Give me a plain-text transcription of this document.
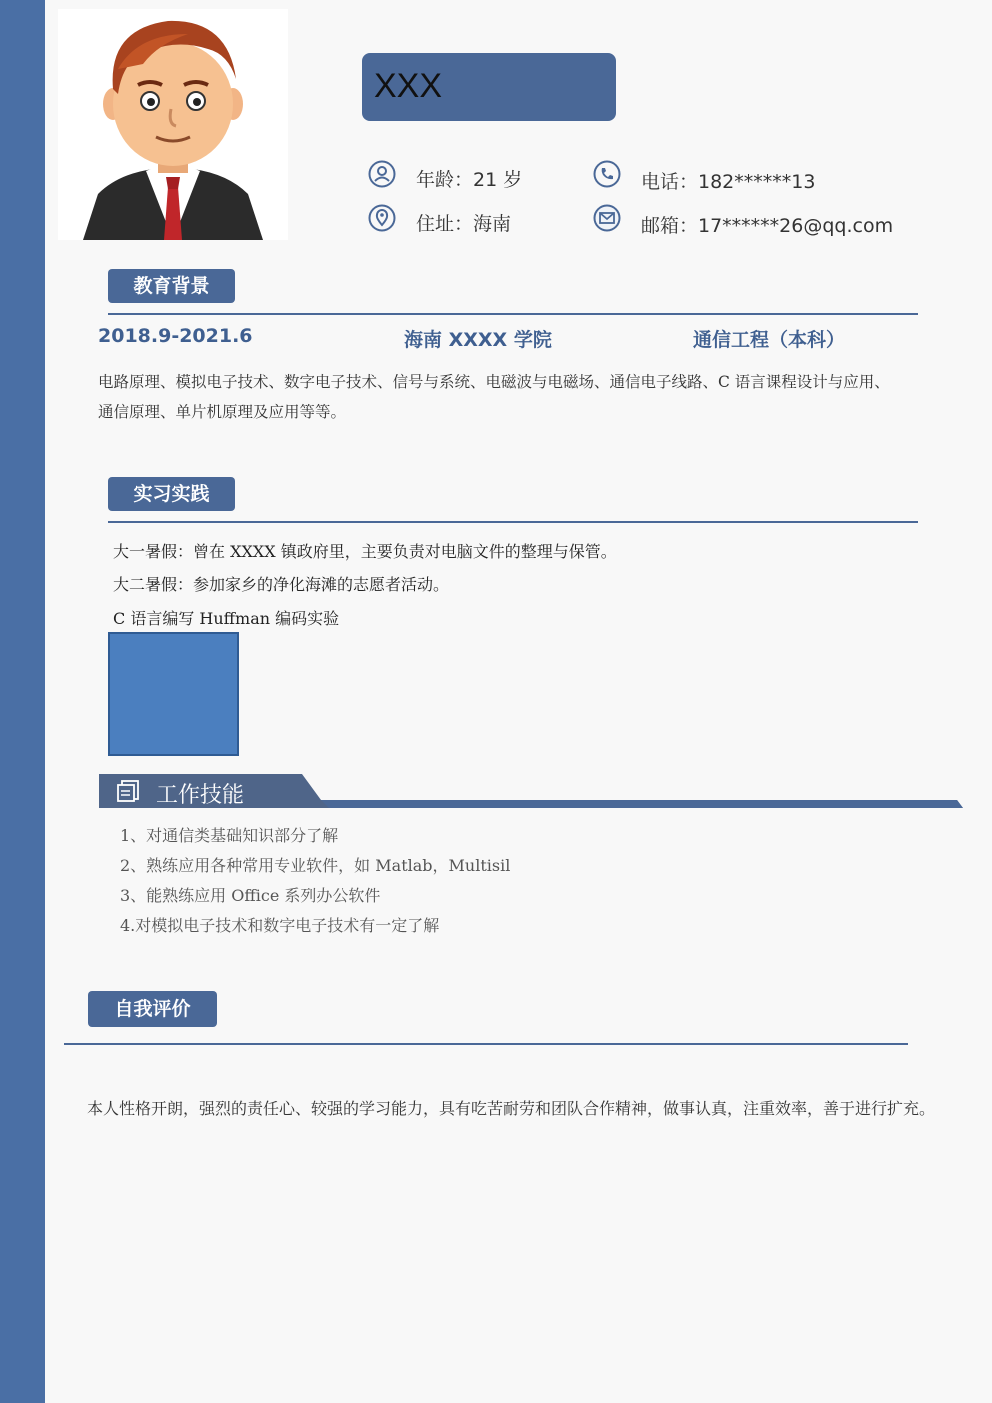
XXX
年龄：21 岁
住址：海南
电话：182******13
邮箱：17******26@qq.com
教育背景
2018.9-2021.6	海南 XXXX 学院	通信工程（本科）
电路原理、模拟电子技术、数字电子技术、信号与系统、电磁波与电磁场、通信电子线路、C 语言课程设计与应用、
通信原理、单片机原理及应用等等。
实习实践
大一暑假：曾在 XXXX 镇政府里，主要负责对电脑文件的整理与保管。
大二暑假：参加家乡的净化海滩的志愿者活动。
C 语言编写 Huffman 编码实验
工作技能
1、对通信类基础知识部分了解
2、熟练应用各种常用专业软件，如 Matlab，Multisil
3、能熟练应用 Office 系列办公软件
4.对模拟电子技术和数字电子技术有一定了解
自我评价
本人性格开朗，强烈的责任心、较强的学习能力，具有吃苦耐劳和团队合作精神，做事认真，注重效率，善于进行扩充。
